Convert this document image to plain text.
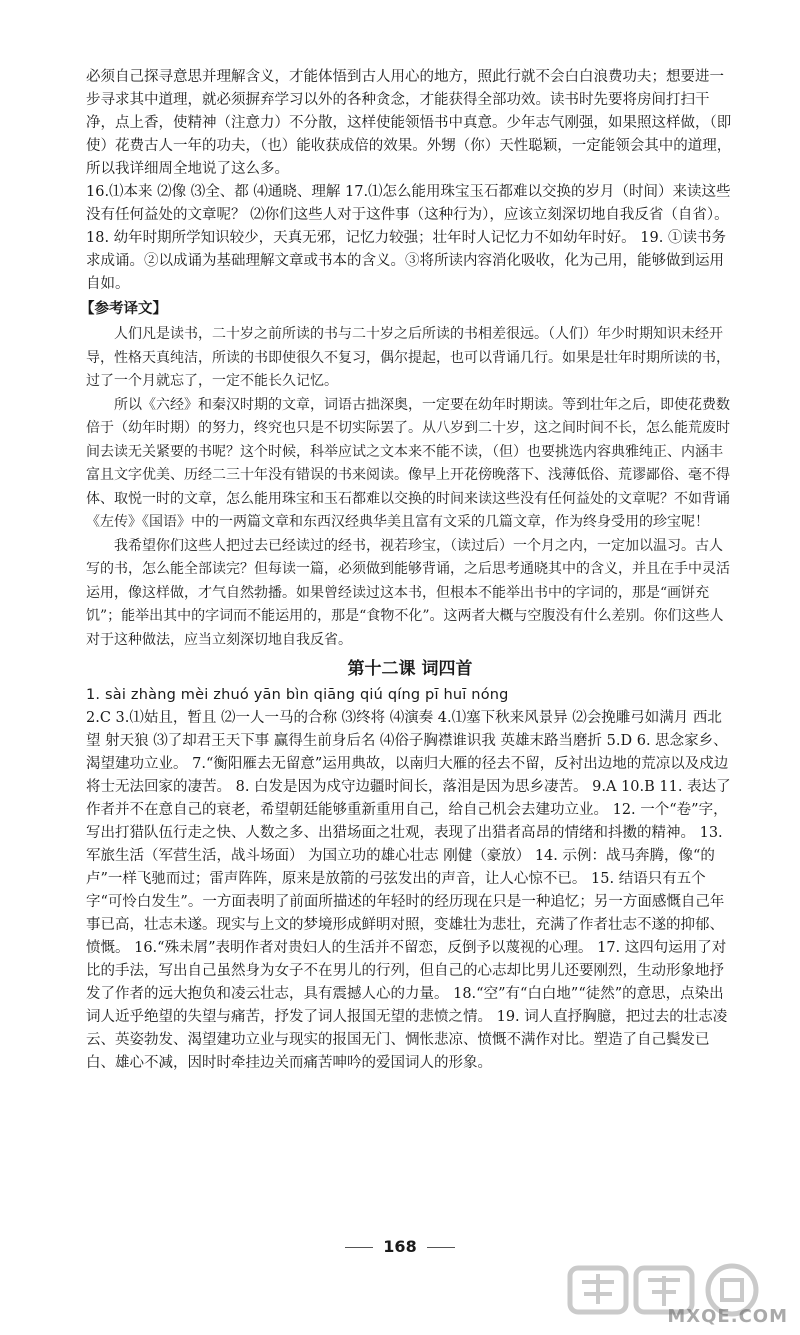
必须自己探寻意思并理解含义，才能体悟到古人用心的地方，照此行就不会白白浪费功夫；想要进一步寻求其中道理，就必须摒弃学习以外的各种贪念，才能获得全部功效。读书时先要将房间打扫干净，点上香，使精神（注意力）不分散，这样使能领悟书中真意。少年志气刚强，如果照这样做，（即使）花费古人一年的功夫，（也）能收获成倍的效果。外甥（你）天性聪颖，一定能领会其中的道理，所以我详细周全地说了这么多。

16.⑴本来 ⑵像 ⑶全、都 ⑷通晓、理解 17.⑴怎么能用珠宝玉石都难以交换的岁月（时间）来读这些没有任何益处的文章呢？ ⑵你们这些人对于这件事（这种行为），应该立刻深切地自我反省（自省）。 18. 幼年时期所学知识较少，天真无邪，记忆力较强；壮年时人记忆力不如幼年时好。 19. ①读书务求成诵。②以成诵为基础理解文章或书本的含义。③将所读内容消化吸收，化为己用，能够做到运用自如。

【参考译文】

人们凡是读书，二十岁之前所读的书与二十岁之后所读的书相差很远。（人们）年少时期知识未经开导，性格天真纯洁，所读的书即使很久不复习，偶尔提起，也可以背诵几行。如果是壮年时期所读的书，过了一个月就忘了，一定不能长久记忆。

所以《六经》和秦汉时期的文章，词语古拙深奥，一定要在幼年时期读。等到壮年之后，即使花费数倍于（幼年时期）的努力，终究也只是不切实际罢了。从八岁到二十岁，这之间时间不长，怎么能荒废时间去读无关紧要的书呢？这个时候，科举应试之文本来不能不读，（但）也要挑选内容典雅纯正、内涵丰富且文字优美、历经二三十年没有错误的书来阅读。像早上开花傍晚落下、浅薄低俗、荒谬鄙俗、毫不得体、取悦一时的文章，怎么能用珠宝和玉石都难以交换的时间来读这些没有任何益处的文章呢？不如背诵《左传》《国语》中的一两篇文章和东西汉经典华美且富有文采的几篇文章，作为终身受用的珍宝呢！

我希望你们这些人把过去已经读过的经书，视若珍宝，（读过后）一个月之内，一定加以温习。古人写的书，怎么能全部读完？但每读一篇，必须做到能够背诵，之后思考通晓其中的含义，并且在手中灵活运用，像这样做，才气自然勃播。如果曾经读过这本书，但根本不能举出书中的字词的，那是“画饼充饥”；能举出其中的字词而不能运用的，那是“食物不化”。这两者大概与空腹没有什么差别。你们这些人对于这种做法，应当立刻深切地自我反省。

第十二课 词四首

1. sài zhàng mèi zhuó yān bìn qiāng qiú qíng pī huī nóng

2.C 3.⑴姑且，暂且 ⑵一人一马的合称 ⑶终将 ⑷演奏 4.⑴塞下秋来风景异 ⑵会挽雕弓如满月 西北望 射天狼 ⑶了却君王天下事 赢得生前身后名 ⑷俗子胸襟谁识我 英雄末路当磨折 5.D 6. 思念家乡、渴望建功立业。 7.“衡阳雁去无留意”运用典故，以南归大雁的径去不留，反衬出边地的荒凉以及戍边将士无法回家的凄苦。 8. 白发是因为戍守边疆时间长，落泪是因为思乡凄苦。 9.A 10.B 11. 表达了作者并不在意自己的衰老，希望朝廷能够重新重用自己，给自己机会去建功立业。 12. 一个“卷”字，写出打猎队伍行走之快、人数之多、出猎场面之壮观，表现了出猎者高昂的情绪和抖擞的精神。 13. 军旅生活（军营生活，战斗场面） 为国立功的雄心壮志 刚健（豪放） 14. 示例：战马奔腾，像“的卢”一样飞驰而过；雷声阵阵，原来是放箭的弓弦发出的声音，让人心惊不已。 15. 结语只有五个字“可怜白发生”。一方面表明了前面所描述的年轻时的经历现在只是一种追忆；另一方面感慨自己年事已高，壮志未遂。现实与上文的梦境形成鲜明对照，变雄壮为悲壮，充满了作者壮志不遂的抑郁、愤慨。 16.“殊未屑”表明作者对贵妇人的生活并不留恋，反倒予以蔑视的心理。 17. 这四句运用了对比的手法，写出自己虽然身为女子不在男儿的行列，但自己的心志却比男儿还要刚烈，生动形象地抒发了作者的远大抱负和凌云壮志，具有震撼人心的力量。 18.“空”有“白白地”“徒然”的意思，点染出词人近乎绝望的失望与痛苦，抒发了词人报国无望的悲愤之情。 19. 词人直抒胸臆，把过去的壮志凌云、英姿勃发、渴望建功立业与现实的报国无门、惆怅悲凉、愤慨不满作对比。塑造了自己鬓发已白、雄心不减，因时时牵挂边关而痛苦呻吟的爱国词人的形象。

168
MXQE.COM
